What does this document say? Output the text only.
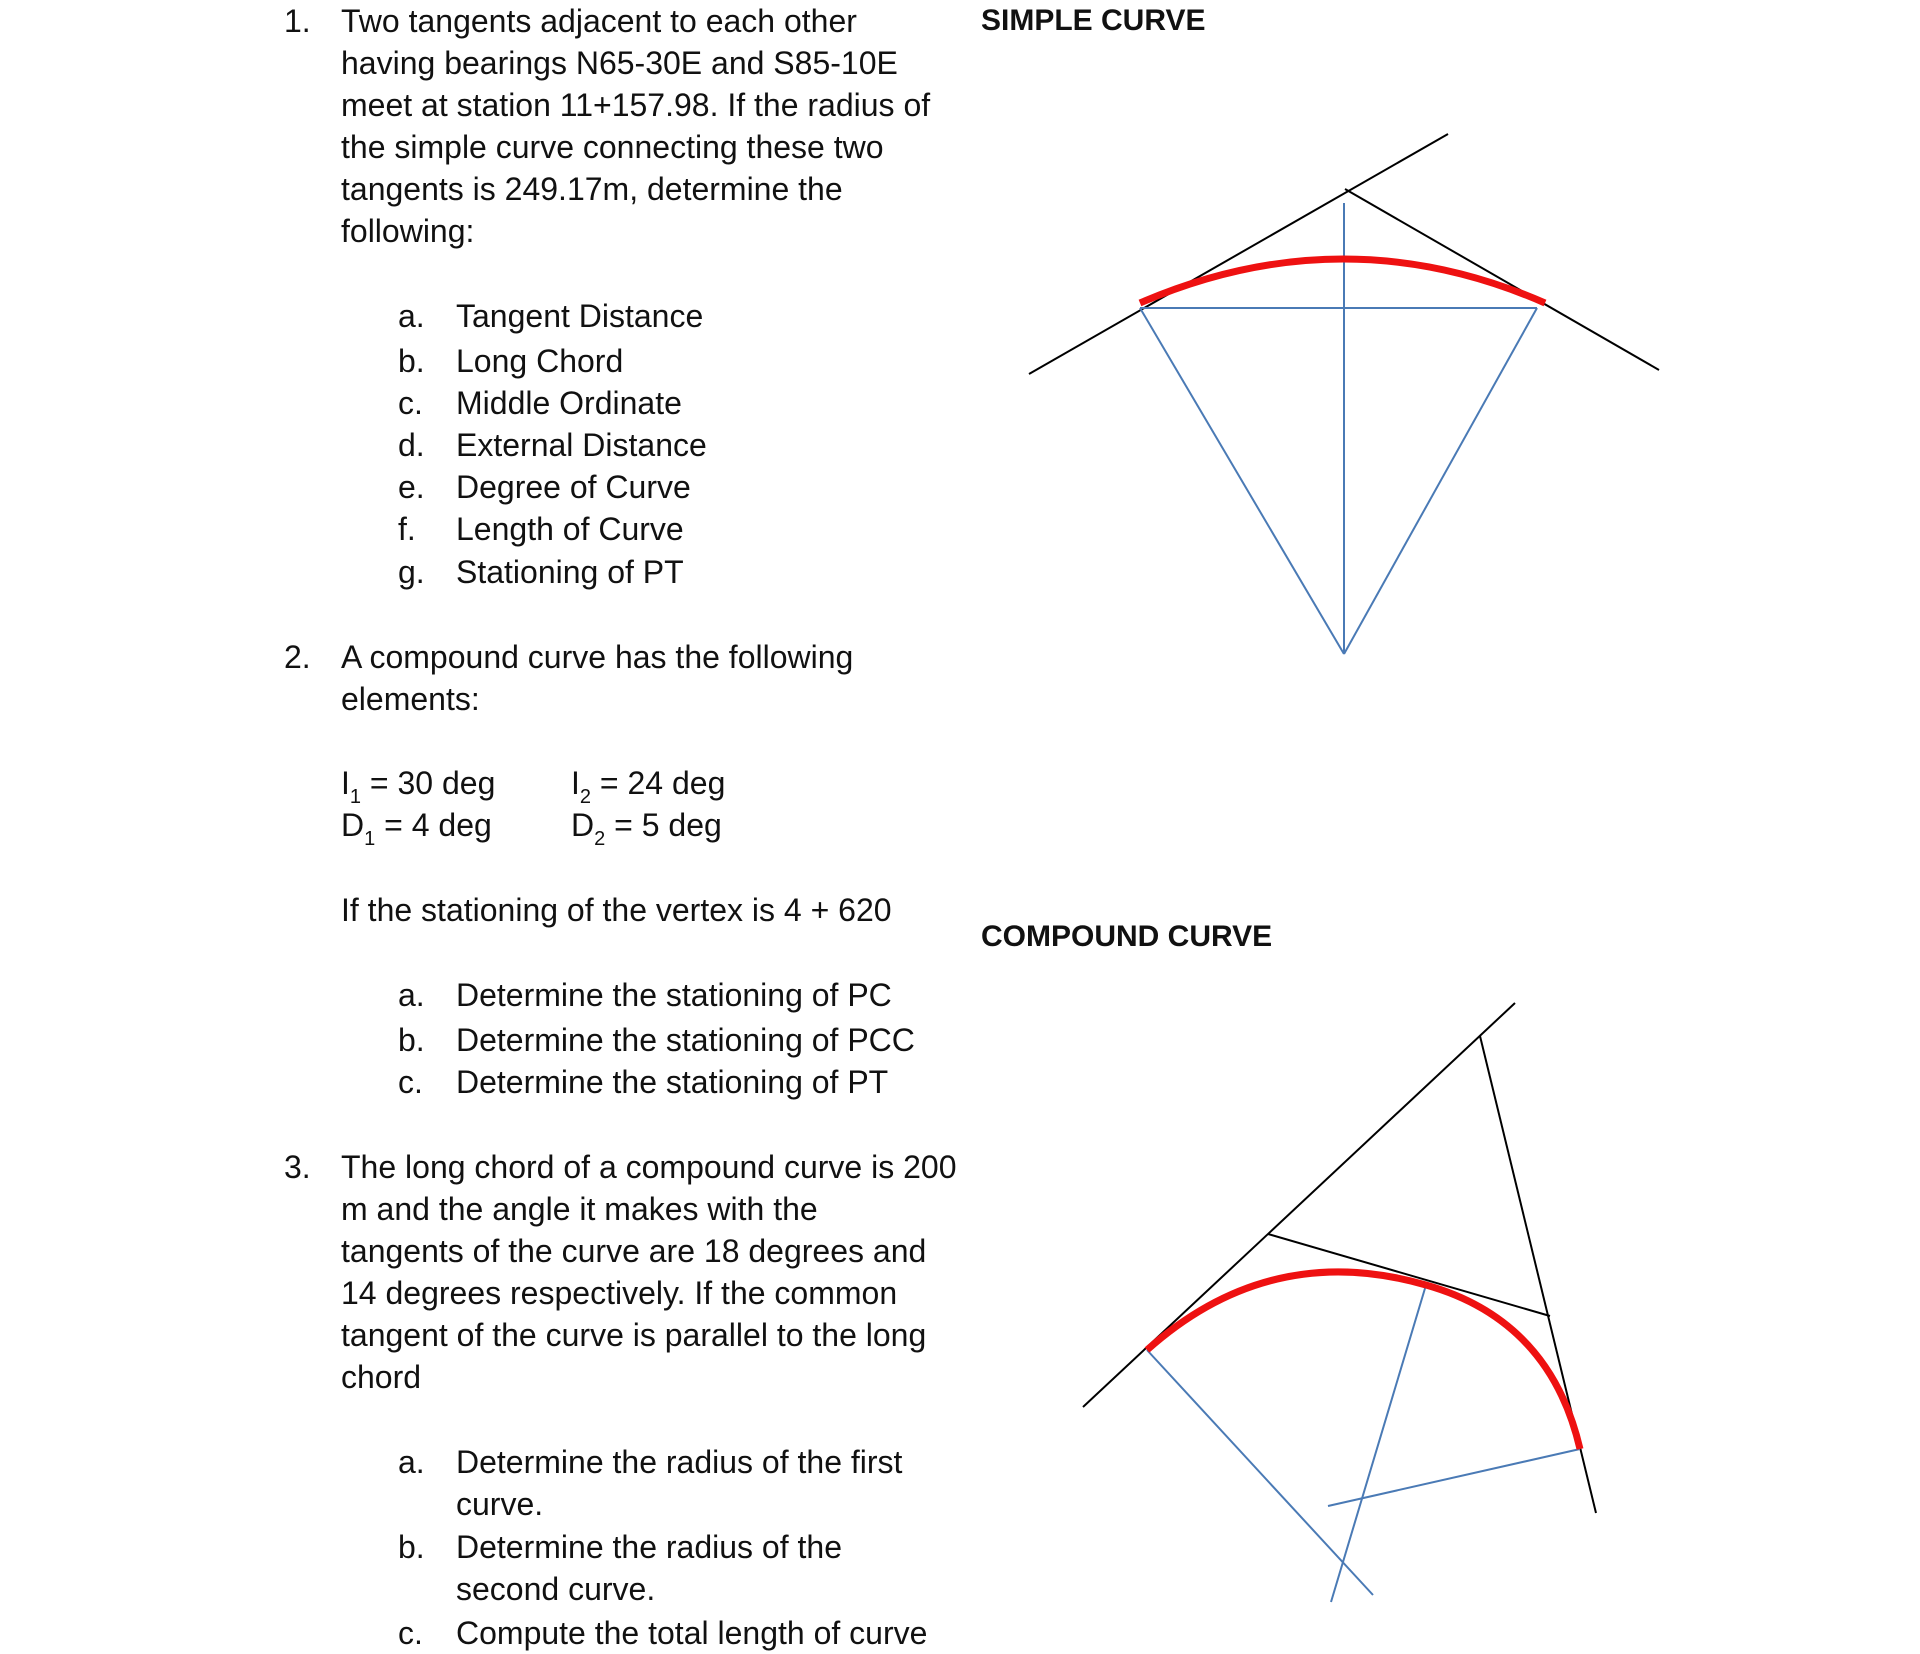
1. Two tangents adjacent to each other
having bearings N65-30E and S85-10E
meet at station 11+157.98. If the radius of
the simple curve connecting these two
tangents is 249.17m, determine the
following:
a. Tangent Distance
b. Long Chord
c. Middle Ordinate
d. External Distance
e. Degree of Curve
f. Length of Curve
g. Stationing of PT
2. A compound curve has the following
elements:
$I_1 = 30$ deg $I_2 = 24$ deg
$D_1 = 4$ deg $D_2 = 5$ deg
If the stationing of the vertex is 4 + 620
a. Determine the stationing of PC
b. Determine the stationing of PCC
c. Determine the stationing of PT
3. The long chord of a compound curve is 200
m and the angle it makes with the
tangents of the curve are 18 degrees and
14 degrees respectively. If the common
tangent of the curve is parallel to the long
chord
a. Determine the radius of the first
curve.
b. Determine the radius of the
second curve.
c. Compute the total length of curve
SIMPLE CURVE
COMPOUND CURVE
